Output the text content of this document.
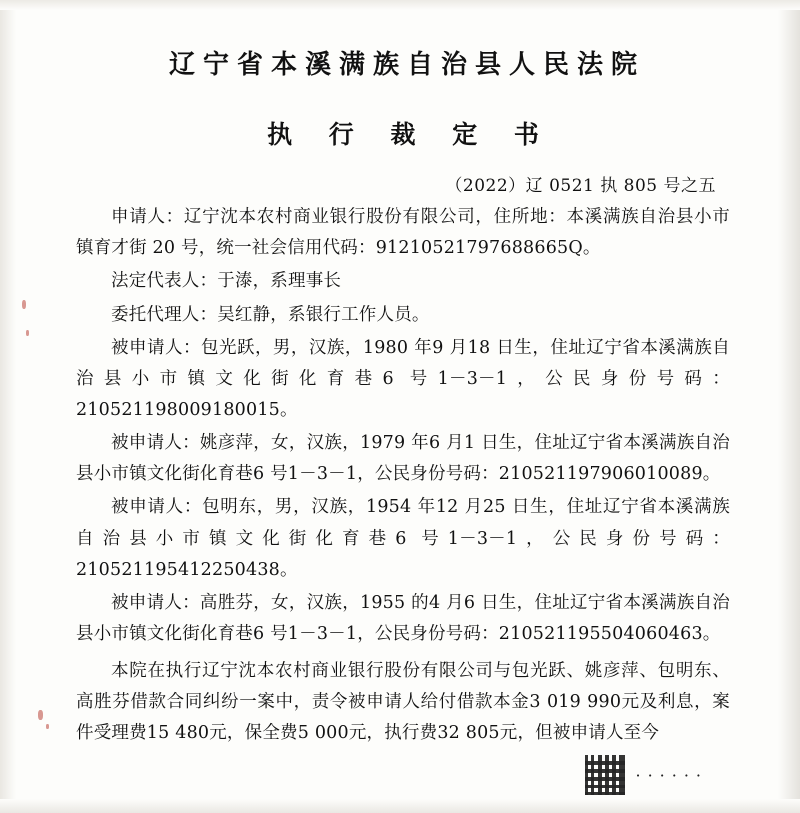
辽宁省本溪满族自治县人民法院
执 行 裁 定 书
（2022）辽 0521 执 805 号之五

申请人：辽宁沈本农村商业银行股份有限公司，住所地：本溪满族自治县小市镇育才街 20 号，统一社会信用代码：91210521797688665Q。

法定代表人：于溙，系理事长

委托代理人：吴红静，系银行工作人员。

被申请人：包光跃，男，汉族，1980 年9 月18 日生，住址辽宁省本溪满族自治县小市镇文化街化育巷6 号1－3－1，公民身份号码：210521198009180015。

被申请人：姚彦萍，女，汉族，1979 年6 月1 日生，住址辽宁省本溪满族自治县小市镇文化街化育巷6 号1－3－1，公民身份号码：210521197906010089。

被申请人：包明东，男，汉族，1954 年12 月25 日生，住址辽宁省本溪满族自治县小市镇文化街化育巷6 号1－3－1，公民身份号码：210521195412250438。

被申请人：高胜芬，女，汉族，1955 的4 月6 日生，住址辽宁省本溪满族自治县小市镇文化街化育巷6 号1－3－1，公民身份号码：210521195504060463。

本院在执行辽宁沈本农村商业银行股份有限公司与包光跃、姚彦萍、包明东、高胜芬借款合同纠纷一案中，责令被申请人给付借款本金3 019 990元及利息，案件受理费15 480元，保全费5 000元，执行费32 805元，但被申请人至今

······
